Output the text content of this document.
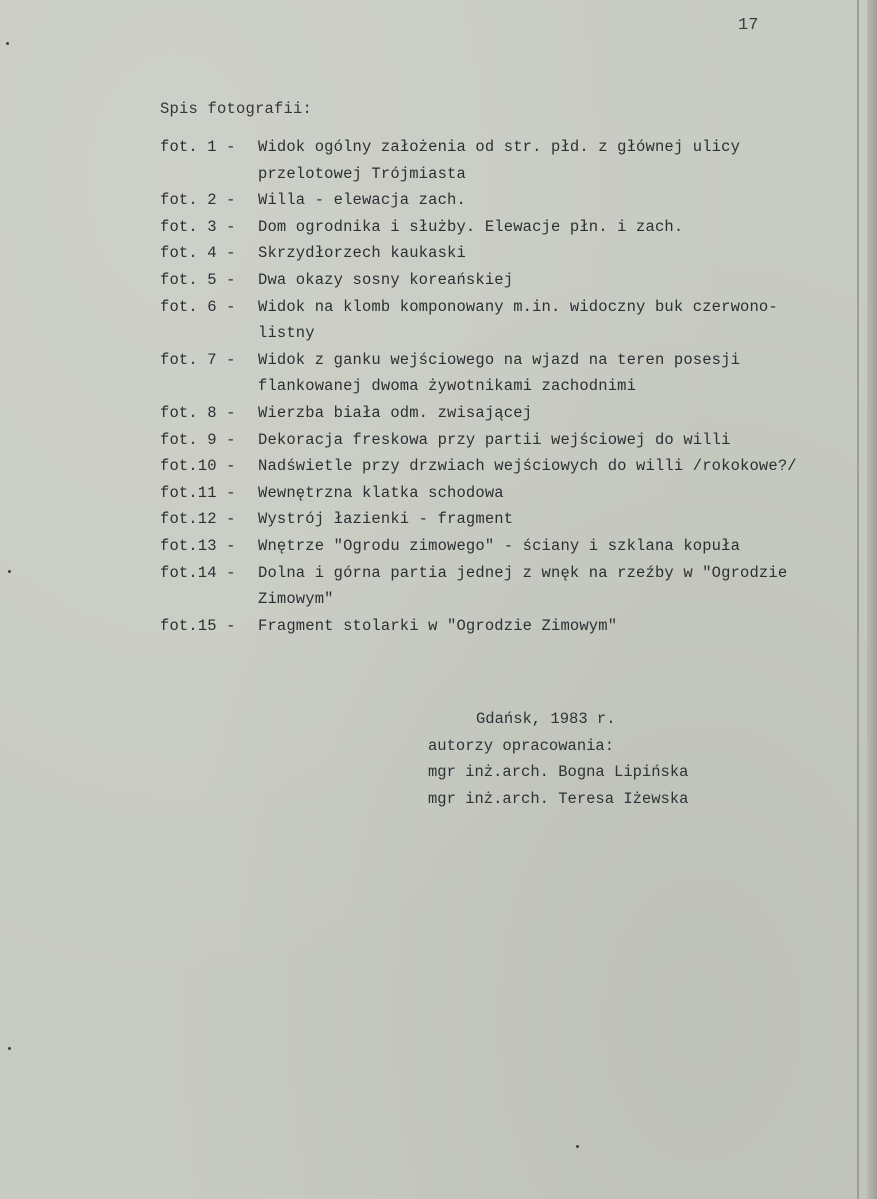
17
Spis fotografii:
fot. 1 -	Widok ogólny założenia od str. płd. z głównej ulicy
przelotowej Trójmiasta
fot. 2 -	Willa - elewacja zach.
fot. 3 -	Dom ogrodnika i służby. Elewacje płn. i zach.
fot. 4 -	Skrzydłorzech kaukaski
fot. 5 -	Dwa okazy sosny koreańskiej
fot. 6 -	Widok na klomb komponowany m.in. widoczny buk czerwono-
listny
fot. 7 -	Widok z ganku wejściowego na wjazd na teren posesji
flankowanej dwoma żywotnikami zachodnimi
fot. 8 -	Wierzba biała odm. zwisającej
fot. 9 -	Dekoracja freskowa przy partii wejściowej do willi
fot.10 -	Nadświetle przy drzwiach wejściowych do willi /rokokowe?/
fot.11 -	Wewnętrzna klatka schodowa
fot.12 -	Wystrój łazienki - fragment
fot.13 -	Wnętrze "Ogrodu zimowego" - ściany i szklana kopuła
fot.14 -	Dolna i górna partia jednej z wnęk na rzeźby w "Ogrodzie
Zimowym"
fot.15 -	Fragment stolarki w "Ogrodzie Zimowym"
Gdańsk, 1983 r.
autorzy opracowania:
mgr inż.arch. Bogna Lipińska
mgr inż.arch. Teresa Iżewska
